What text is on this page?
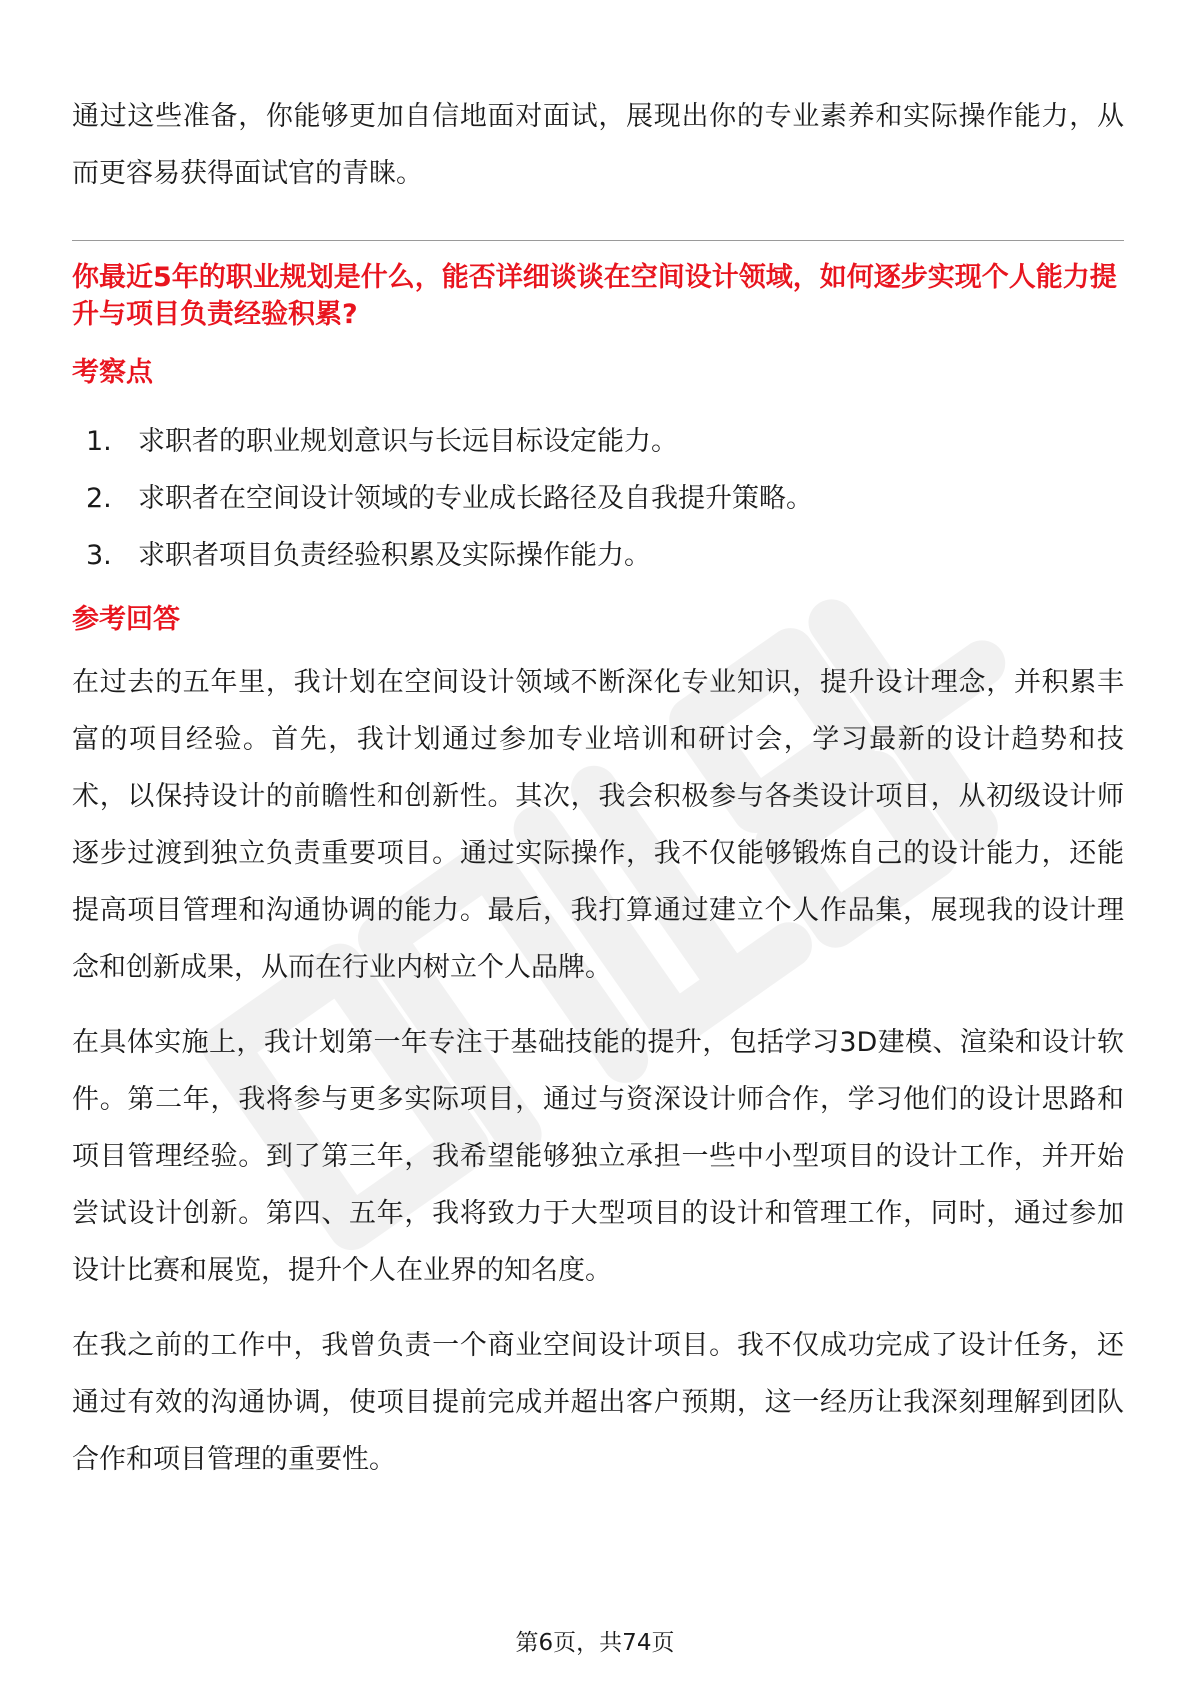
通过这些准备，你能够更加自信地面对面试，展现出你的专业素养和实际操作能力，从而更容易获得面试官的青睐。

你最近5年的职业规划是什么，能否详细谈谈在空间设计领域，如何逐步实现个人能力提升与项目负责经验积累?

考察点
1. 求职者的职业规划意识与长远目标设定能力。
2. 求职者在空间设计领域的专业成长路径及自我提升策略。
3. 求职者项目负责经验积累及实际操作能力。
参考回答

在过去的五年里，我计划在空间设计领域不断深化专业知识，提升设计理念，并积累丰富的项目经验。首先，我计划通过参加专业培训和研讨会，学习最新的设计趋势和技术，以保持设计的前瞻性和创新性。其次，我会积极参与各类设计项目，从初级设计师逐步过渡到独立负责重要项目。通过实际操作，我不仅能够锻炼自己的设计能力，还能提高项目管理和沟通协调的能力。最后，我打算通过建立个人作品集，展现我的设计理念和创新成果，从而在行业内树立个人品牌。

在具体实施上，我计划第一年专注于基础技能的提升，包括学习3D建模、渲染和设计软件。第二年，我将参与更多实际项目，通过与资深设计师合作，学习他们的设计思路和项目管理经验。到了第三年，我希望能够独立承担一些中小型项目的设计工作，并开始尝试设计创新。第四、五年，我将致力于大型项目的设计和管理工作，同时，通过参加设计比赛和展览，提升个人在业界的知名度。

在我之前的工作中，我曾负责一个商业空间设计项目。我不仅成功完成了设计任务，还通过有效的沟通协调，使项目提前完成并超出客户预期，这一经历让我深刻理解到团队合作和项目管理的重要性。

第6页，共74页
